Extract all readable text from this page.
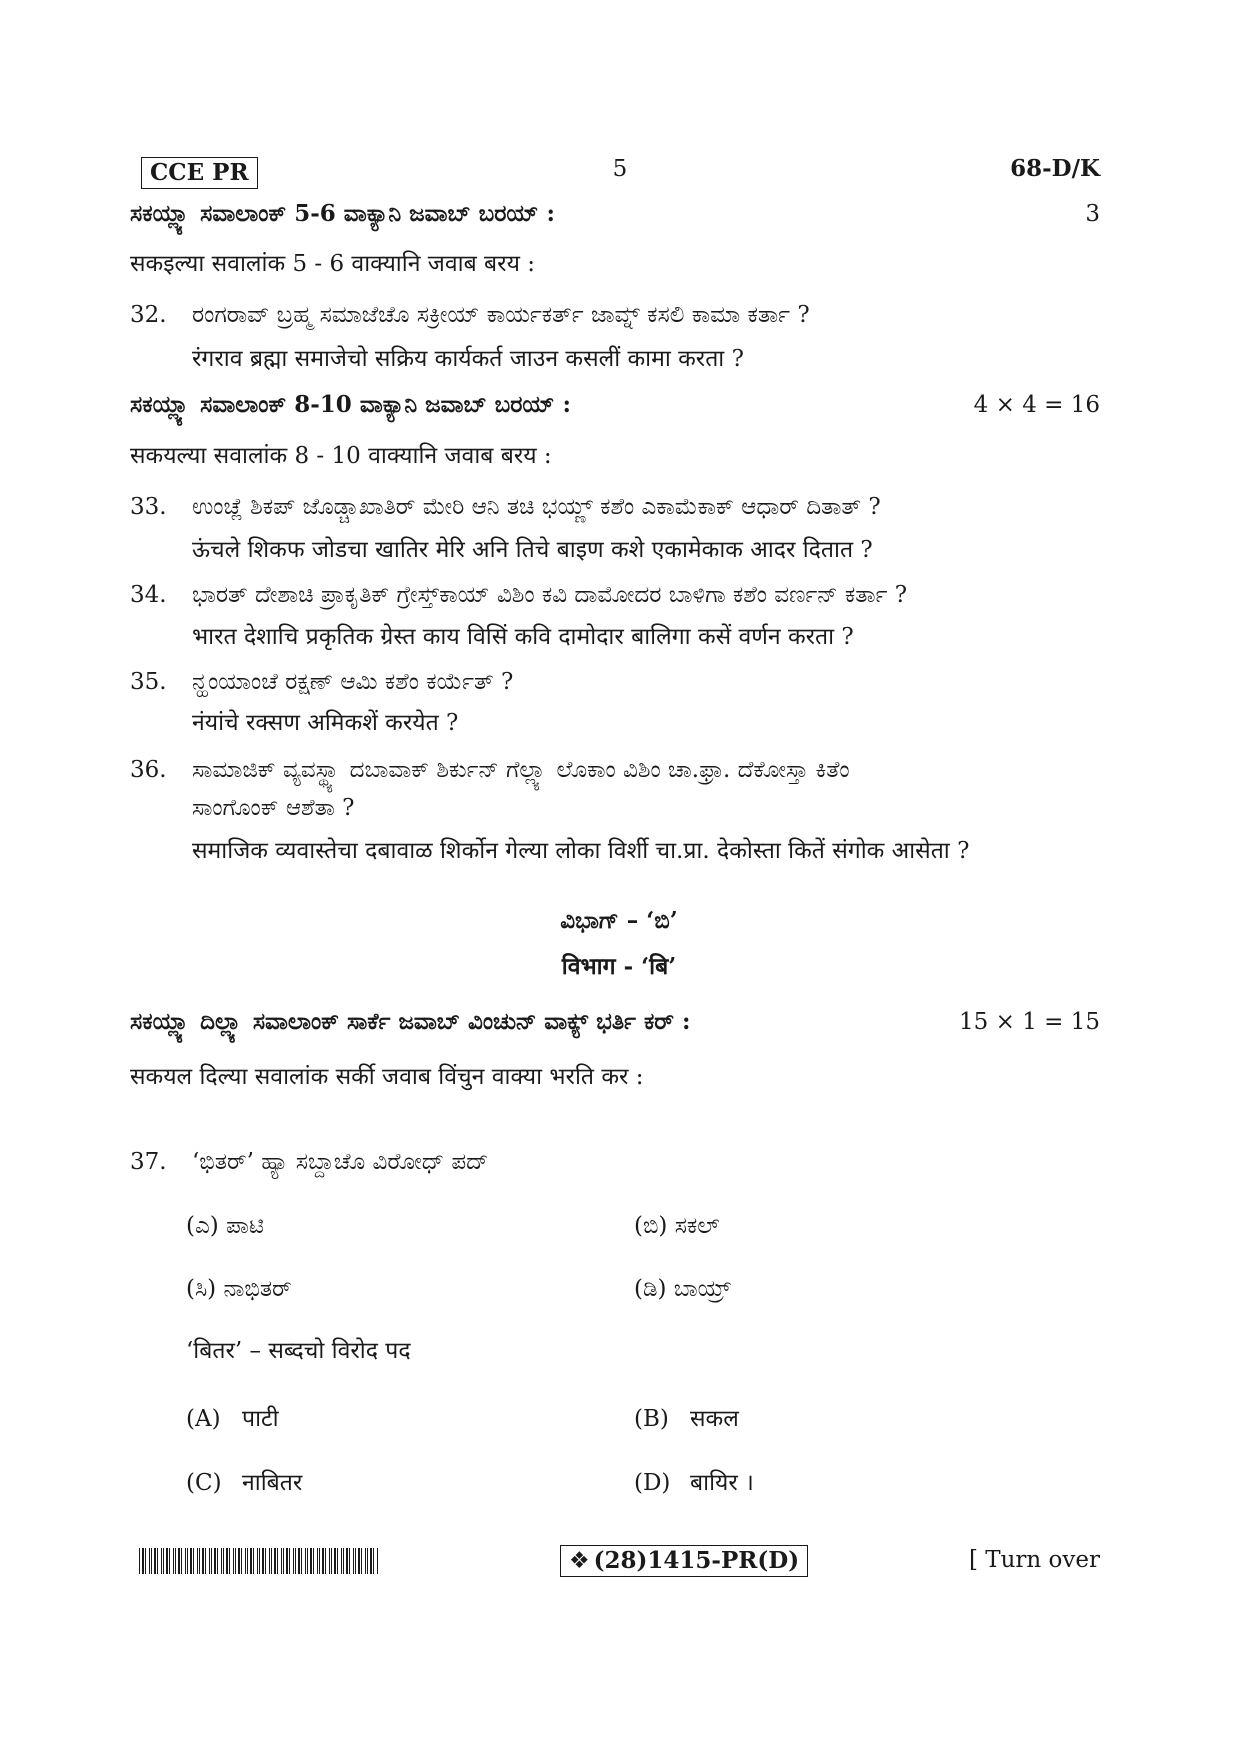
CCE PR	5	68-D/K
ಸಕಯ್ಲ್ಯಾ ಸವಾಲಾಂಕ್ 5-6 ವಾಕ್ಯಾನಿ ಜವಾಬ್ ಬರಯ್ :	3
सकइल्या सवालांक 5 - 6 वाक्यानि जवाब बरय :
32. ರಂಗರಾವ್ ಬ್ರಹ್ಮ ಸಮಾಜೆಚೊ ಸಕ್ರೀಯ್ ಕಾರ್ಯಕರ್ತ್ ಜಾವ್ನ್ ಕಸಲಿ ಕಾಮಾ ಕರ್ತಾ ?
रंगराव ब्रह्मा समाजेचो सक्रिय कार्यकर्त जाउन कसलीं कामा करता ?
ಸಕಯ್ಲ್ಯಾ ಸವಾಲಾಂಕ್ 8-10 ವಾಕ್ಯಾನಿ ಜವಾಬ್ ಬರಯ್ :	4 × 4 = 16
सकयल्या सवालांक 8 - 10 वाक्यानि जवाब बरय :
33. ಉಂಚ್ಲೆ ಶಿಕಪ್ ಜೊಡ್ಚಾಖಾತಿರ್ ಮೇರಿ ಆನಿ ತಚಿ ಭಯ್ಣ್ ಕಶೆಂ ಎಕಾಮೆಕಾಕ್ ಆಧಾರ್ ದಿತಾತ್ ?
ऊंचले शिकफ जोडचा खातिर मेरि अनि तिचे बाइण कशे एकामेकाक आदर दितात ?
34. ಭಾರತ್ ದೇಶಾಚಿ ಪ್ರಾಕೃತಿಕ್ ಗ್ರೇಸ್ತ್‌ಕಾಯ್ ವಿಶಿಂ ಕವಿ ದಾಮೋದರ ಬಾಳಿಗಾ ಕಶೆಂ ವರ್ಣನ್ ಕರ್ತಾ ?
भारत देशाचि प्रकृतिक ग्रेस्त काय विसिं कवि दामोदार बालिगा कसें वर्णन करता ?
35. ನ್ಹಂಯಾಂಚೆ ರಕ್ಷಣ್ ಆಮಿ ಕಶೆಂ ಕರ್ಯೆತ್ ?
नंयांचे रक्सण अमिकशें करयेत ?
36. ಸಾಮಾಜಿಕ್ ವ್ಯವಸ್ಥ್ಯಾ ದಬಾವಾಕ್ ಶಿರ್ಕುನ್ ಗೆಲ್ಲ್ಯಾ ಲೊಕಾಂ ವಿಶಿಂ ಚಾ.ಫ್ರಾ. ದೆಕೋಸ್ತಾ ಕಿತೆಂ
ಸಾಂಗೊಂಕ್ ಆಶೆತಾ ?
समाजिक व्यवास्तेचा दबावाळ शिर्कोन गेल्या लोका विर्शी चा.प्रा. देकोस्ता कितें संगोक आसेता ?
ವಿಭಾಗ್ – ‘ಬಿ’
विभाग - ‘बि’
ಸಕಯ್ಲ್ಯಾ ದಿಲ್ಲ್ಯಾ ಸವಾಲಾಂಕ್ ಸಾರ್ಕೆ ಜವಾಬ್ ವಿಂಚುನ್ ವಾಕ್ಯ್ ಭರ್ತಿ ಕರ್ :	15 × 1 = 15
सकयल दिल्या सवालांक सर्की जवाब विंचुन वाक्या भरति कर :
37. ‘ಭಿತರ್’ ಹ್ಯಾ ಸಬ್ದಾಚೊ ವಿರೋಧ್ ಪದ್
(ಎ) ಪಾಟಿ	(ಬಿ) ಸಕಲ್
(ಸಿ) ನಾಭಿತರ್	(ಡಿ) ಬಾಯ್ರ್
‘बितर’ – सब्दचो विरोद पद
(A) पाटी	(B) सकल
(C) नाबितर	(D) बायिर ।
❖ (28)1415-PR(D)	[ Turn over
